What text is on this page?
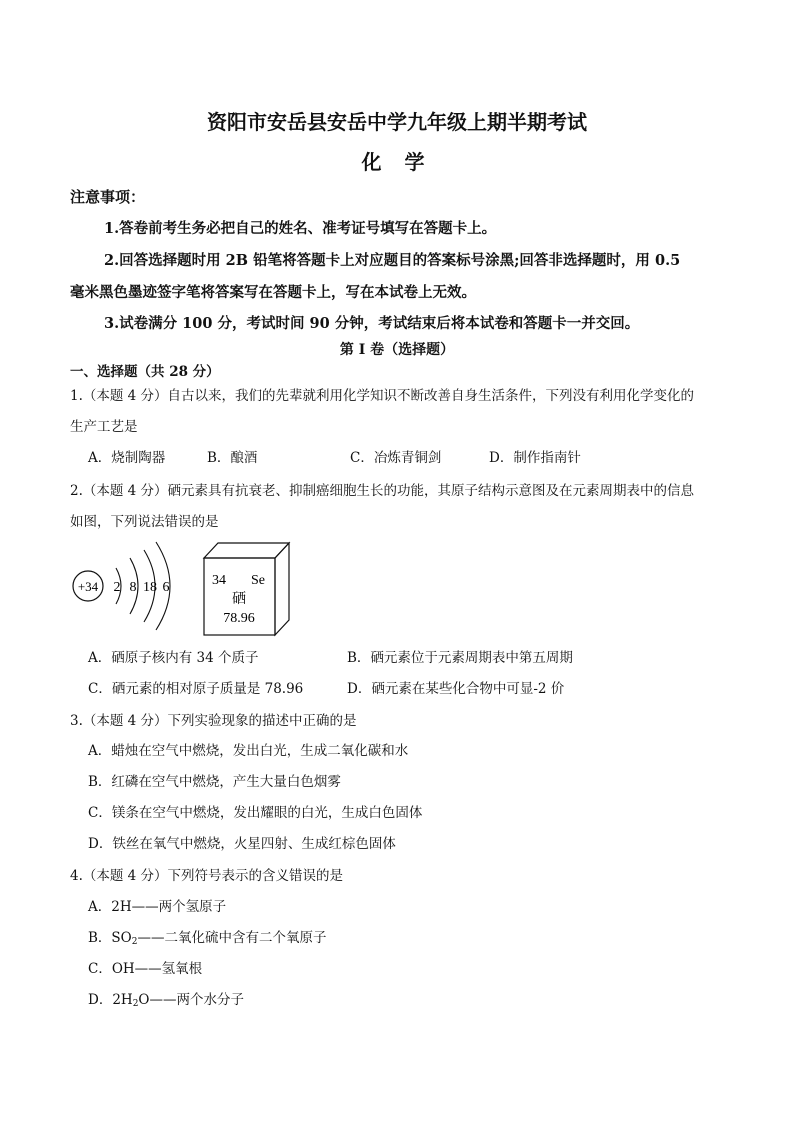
资阳市安岳县安岳中学九年级上期半期考试
化 学
注意事项：
1.答卷前考生务必把自己的姓名、准考证号填写在答题卡上。
2.回答选择题时用 2B 铅笔将答题卡上对应题目的答案标号涂黑;回答非选择题时，用 0.5
毫米黑色墨迹签字笔将答案写在答题卡上，写在本试卷上无效。
3.试卷满分 100 分，考试时间 90 分钟，考试结束后将本试卷和答题卡一并交回。
第 I 卷（选择题）
一、选择题（共 28 分）
1.（本题 4 分）自古以来，我们的先辈就利用化学知识不断改善自身生活条件，下列没有利用化学变化的
生产工艺是
A．烧制陶器	B．酿酒	C．冶炼青铜剑	D．制作指南针
2.（本题 4 分）硒元素具有抗衰老、抑制癌细胞生长的功能，其原子结构示意图及在元素周期表中的信息
如图，下列说法错误的是
+34 2 8 18 6	34 Se
硒
78.96
A．硒原子核内有 34 个质子	B．硒元素位于元素周期表中第五周期
C．硒元素的相对原子质量是 78.96	D．硒元素在某些化合物中可显-2 价
3.（本题 4 分）下列实验现象的描述中正确的是
A．蜡烛在空气中燃烧，发出白光，生成二氧化碳和水
B．红磷在空气中燃烧，产生大量白色烟雾
C．镁条在空气中燃烧，发出耀眼的白光，生成白色固体
D．铁丝在氧气中燃烧，火星四射、生成红棕色固体
4.（本题 4 分）下列符号表示的含义错误的是
A．2H——两个氢原子
B．$SO_2——$二氧化硫中含有二个氧原子
C．OH——氢氧根
D．$2H_2O——$两个水分子
